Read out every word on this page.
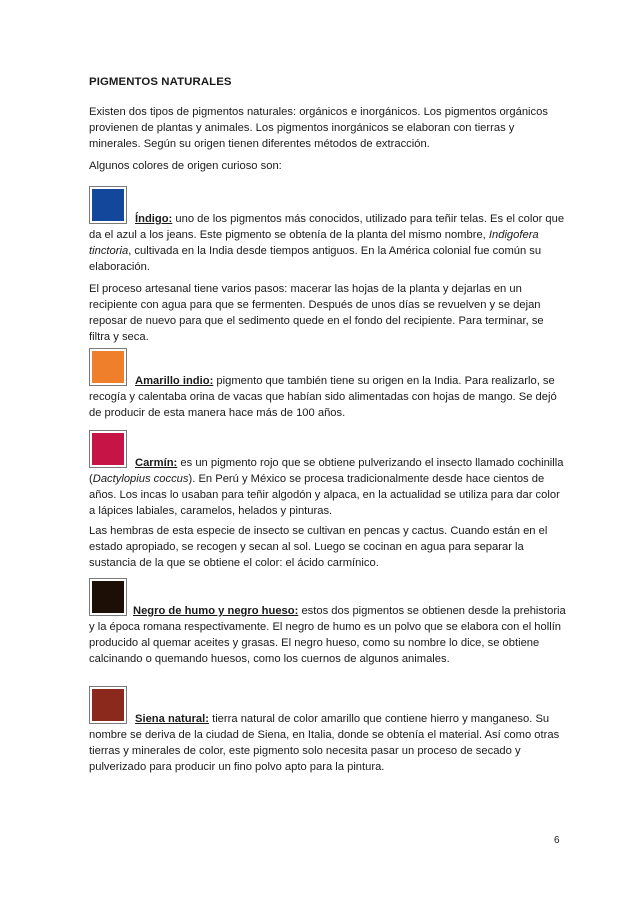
PIGMENTOS NATURALES

Existen dos tipos de pigmentos naturales: orgánicos e inorgánicos. Los pigmentos orgánicos provienen de plantas y animales. Los pigmentos inorgánicos se elaboran con tierras y minerales. Según su origen tienen diferentes métodos de extracción.

Algunos colores de origen curioso son:

Índigo: uno de los pigmentos más conocidos, utilizado para teñir telas. Es el color que da el azul a los jeans. Este pigmento se obtenía de la planta del mismo nombre, Indigofera tinctoria, cultivada en la India desde tiempos antiguos. En la América colonial fue común su elaboración.

El proceso artesanal tiene varios pasos: macerar las hojas de la planta y dejarlas en un recipiente con agua para que se fermenten. Después de unos días se revuelven y se dejan reposar de nuevo para que el sedimento quede en el fondo del recipiente. Para terminar, se filtra y seca.

Amarillo indio: pigmento que también tiene su origen en la India. Para realizarlo, se recogía y calentaba orina de vacas que habían sido alimentadas con hojas de mango. Se dejó de producir de esta manera hace más de 100 años.

Carmín: es un pigmento rojo que se obtiene pulverizando el insecto llamado cochinilla (Dactylopius coccus). En Perú y México se procesa tradicionalmente desde hace cientos de años. Los incas lo usaban para teñir algodón y alpaca, en la actualidad se utiliza para dar color a lápices labiales, caramelos, helados y pinturas.

Las hembras de esta especie de insecto se cultivan en pencas y cactus. Cuando están en el estado apropiado, se recogen y secan al sol. Luego se cocinan en agua para separar la sustancia de la que se obtiene el color: el ácido carmínico.

Negro de humo y negro hueso: estos dos pigmentos se obtienen desde la prehistoria y la época romana respectivamente. El negro de humo es un polvo que se elabora con el hollín producido al quemar aceites y grasas. El negro hueso, como su nombre lo dice, se obtiene calcinando o quemando huesos, como los cuernos de algunos animales.

Siena natural: tierra natural de color amarillo que contiene hierro y manganeso. Su nombre se deriva de la ciudad de Siena, en Italia, donde se obtenía el material. Así como otras tierras y minerales de color, este pigmento solo necesita pasar un proceso de secado y pulverizado para producir un fino polvo apto para la pintura.

6
